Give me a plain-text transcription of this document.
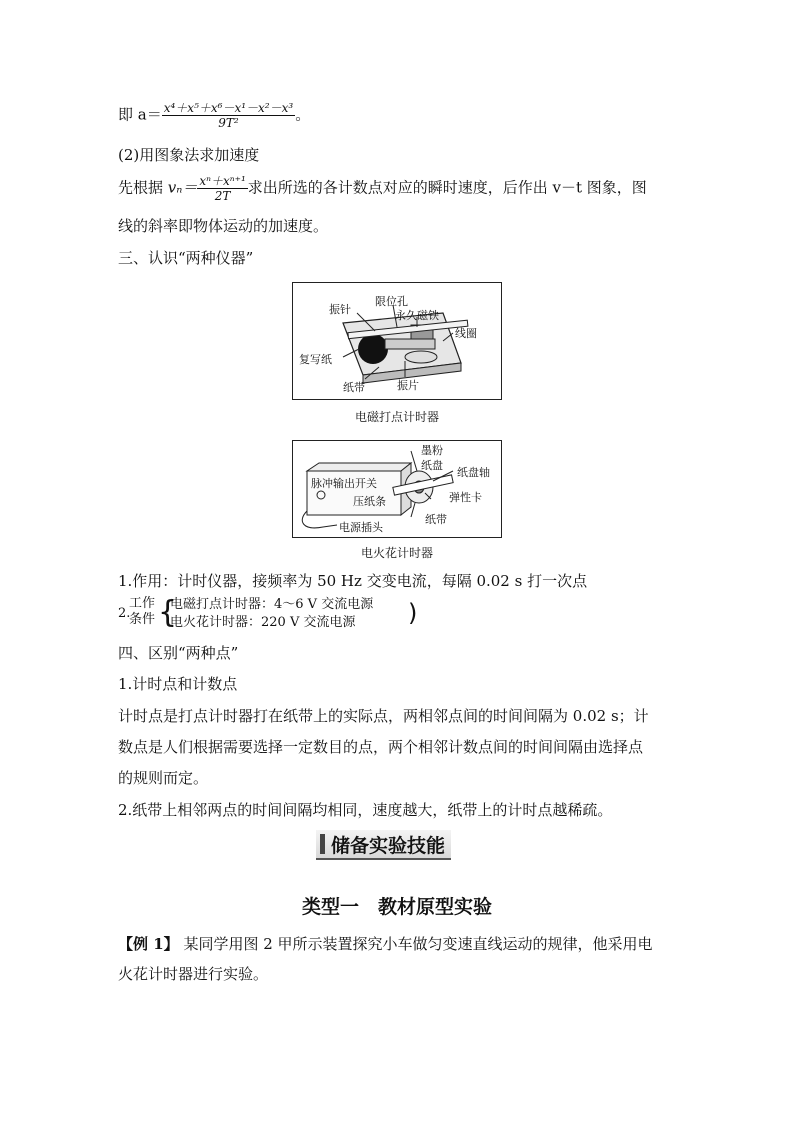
即 $a= \frac{\text{x⁴＋x⁵＋x⁶－x¹－x²－x³}}{\text{9T²}}$ 。
(2)用图象法求加速度
先根据 $v_n= \frac{\text{xⁿ＋xⁿ⁺¹}}{2T}$ 求出所选的各计数点对应的瞬时速度，后作出 v－t 图象，图
线的斜率即物体运动的加速度。
三、认识“两种仪器”
振针
限位孔
永久磁铁
线圈
复写纸
纸带	振片
电磁打点计时器
墨粉
纸盘
纸盘轴
脉冲输出开关
弹性卡
压纸条
纸带
电源插头
电火花计时器
1.作用：计时仪器，接频率为 50 Hz 交变电流，每隔 0.02 s 打一次点
2.
工作
条件 {
电磁打点计时器：4～6 V 交流电源
电火花计时器：220 V 交流电源 )
四、区别“两种点”
1.计时点和计数点
计时点是打点计时器打在纸带上的实际点，两相邻点间的时间间隔为 0.02 s；计
数点是人们根据需要选择一定数目的点，两个相邻计数点间的时间间隔由选择点
的规则而定。
2.纸带上相邻两点的时间间隔均相同，速度越大，纸带上的计时点越稀疏。
储备实验技能
类型一　教材原型实验
【例 1】 某同学用图 2 甲所示装置探究小车做匀变速直线运动的规律，他采用电
火花计时器进行实验。
